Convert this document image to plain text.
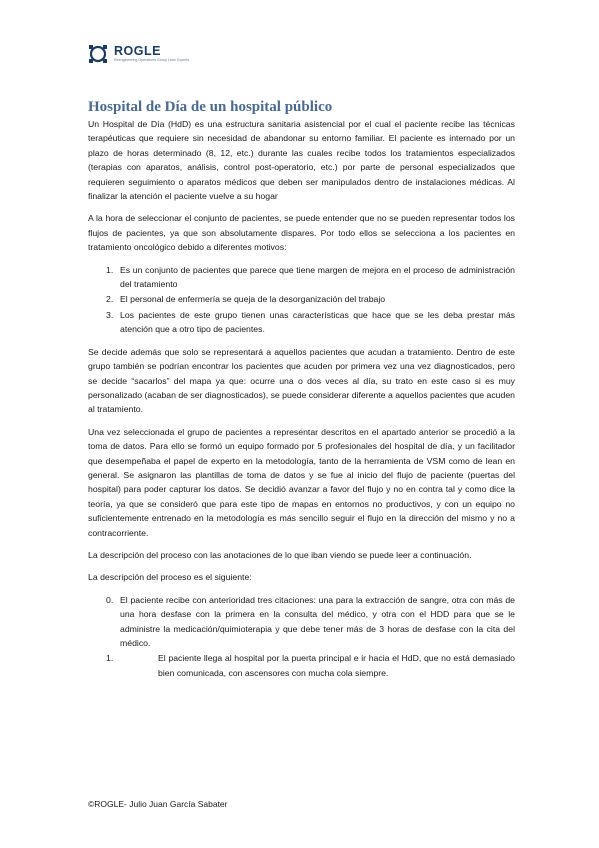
ROGLE
Reengineering Operations Group Lean Experts
Hospital de Día de un hospital público

Un Hospital de Día (HdD) es una estructura sanitaria asistencial por el cual el paciente recibe las técnicas terapéuticas que requiere sin necesidad de abandonar su entorno familiar. El paciente es internado por un plazo de horas determinado (8, 12, etc.) durante las cuales recibe todos los tratamientos especializados (terapias con aparatos, análisis, control post-operatorio, etc.) por parte de personal especializados que requieren seguimiento o aparatos médicos que deben ser manipulados dentro de instalaciones médicas. Al finalizar la atención el paciente vuelve a su hogar

A la hora de seleccionar el conjunto de pacientes, se puede entender que no se pueden representar todos los flujos de pacientes, ya que son absolutamente dispares. Por todo ellos se selecciona a los pacientes en tratamiento oncológico debido a diferentes motivos:

1. Es un conjunto de pacientes que parece que tiene margen de mejora en el proceso de administración del tratamiento
2. El personal de enfermería se queja de la desorganización del trabajo
3. Los pacientes de este grupo tienen unas características que hace que se les deba prestar más atención que a otro tipo de pacientes.

Se decide además que solo se representará a aquellos pacientes que acudan a tratamiento. Dentro de este grupo también se podrían encontrar los pacientes que acuden por primera vez una vez diagnosticados, pero se decide “sacarlos” del mapa ya que: ocurre una o dos veces al día, su trato en este caso si es muy personalizado (acaban de ser diagnosticados), se puede considerar diferente a aquellos pacientes que acuden al tratamiento.

Una vez seleccionada el grupo de pacientes a representar descritos en el apartado anterior se procedió a la toma de datos. Para ello se formó un equipo formado por 5 profesionales del hospital de día, y un facilitador que desempeñaba el papel de experto en la metodología, tanto de la herramienta de VSM como de lean en general. Se asignaron las plantillas de toma de datos y se fue al inicio del flujo de paciente (puertas del hospital) para poder capturar los datos. Se decidió avanzar a favor del flujo y no en contra tal y como dice la teoría, ya que se consideró que para este tipo de mapas en entornos no productivos, y con un equipo no suficientemente entrenado en la metodología es más sencillo seguir el flujo en la dirección del mismo y no a contracorriente.

La descripción del proceso con las anotaciones de lo que iban viendo se puede leer a continuación.

La descripción del proceso es el siguiente:

0. El paciente recibe con anterioridad tres citaciones: una para la extracción de sangre, otra con más de una hora desfase con la primera en la consulta del médico, y otra con el HDD para que se le administre la medicación/quimioterapia y que debe tener más de 3 horas de desfase con la cita del médico.
1.	El paciente llega al hospital por la puerta principal e ir hacia el HdD, que no está demasiado bien comunicada, con ascensores con mucha cola siempre.
©ROGLE- Julio Juan García Sabater
